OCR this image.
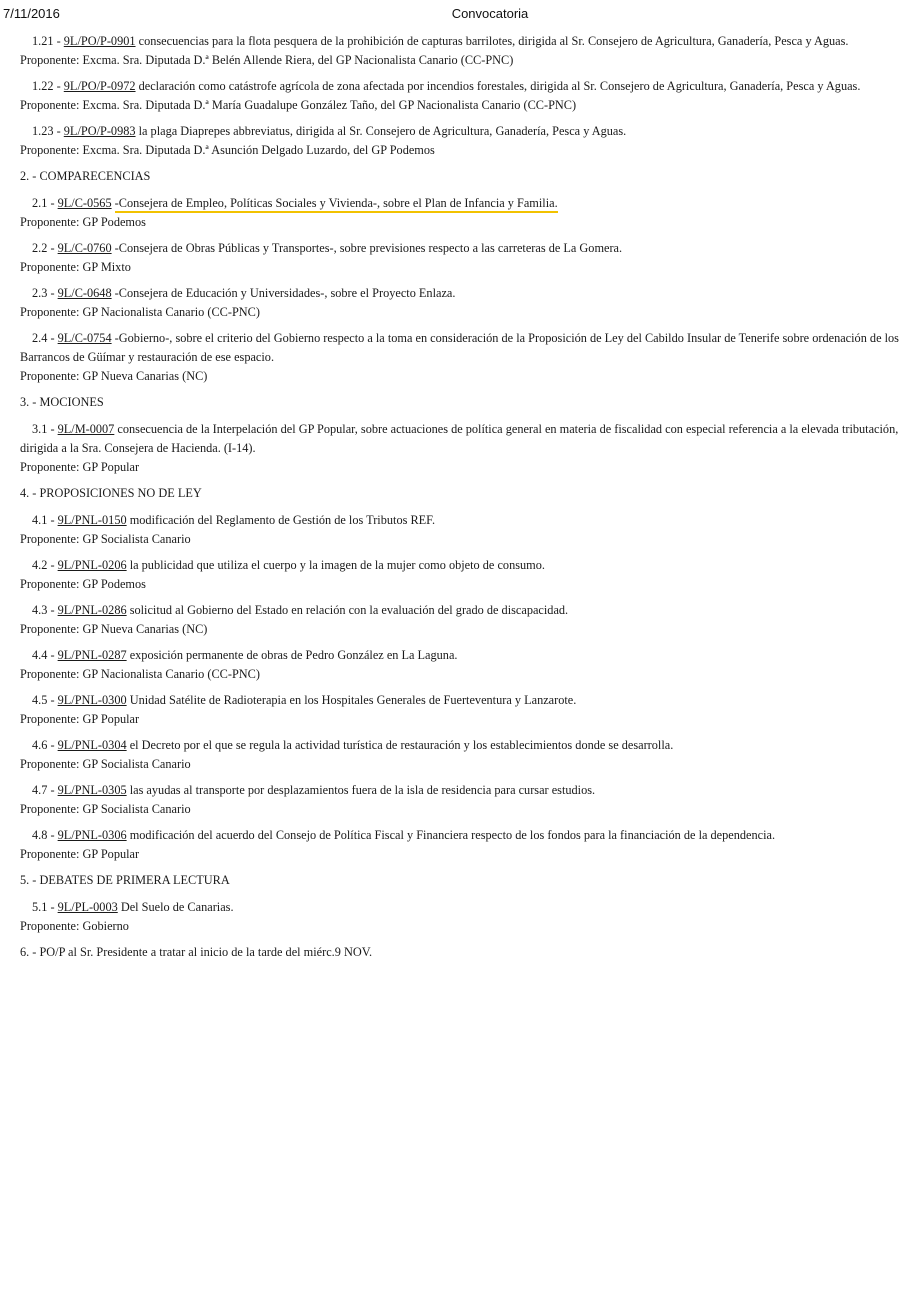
7/11/2016	Convocatoria
1.21 - 9L/PO/P-0901 consecuencias para la flota pesquera de la prohibición de capturas barrilotes, dirigida al Sr. Consejero de Agricultura, Ganadería, Pesca y Aguas.
Proponente: Excma. Sra. Diputada D.ª Belén Allende Riera, del GP Nacionalista Canario (CC-PNC)
1.22 - 9L/PO/P-0972 declaración como catástrofe agrícola de zona afectada por incendios forestales, dirigida al Sr. Consejero de Agricultura, Ganadería, Pesca y Aguas.
Proponente: Excma. Sra. Diputada D.ª María Guadalupe González Taño, del GP Nacionalista Canario (CC-PNC)
1.23 - 9L/PO/P-0983 la plaga Diaprepes abbreviatus, dirigida al Sr. Consejero de Agricultura, Ganadería, Pesca y Aguas.
Proponente: Excma. Sra. Diputada D.ª Asunción Delgado Luzardo, del GP Podemos
2. - COMPARECENCIAS
2.1 - 9L/C-0565 -Consejera de Empleo, Políticas Sociales y Vivienda-, sobre el Plan de Infancia y Familia.
Proponente: GP Podemos
2.2 - 9L/C-0760 -Consejera de Obras Públicas y Transportes-, sobre previsiones respecto a las carreteras de La Gomera.
Proponente: GP Mixto
2.3 - 9L/C-0648 -Consejera de Educación y Universidades-, sobre el Proyecto Enlaza.
Proponente: GP Nacionalista Canario (CC-PNC)
2.4 - 9L/C-0754 -Gobierno-, sobre el criterio del Gobierno respecto a la toma en consideración de la Proposición de Ley del Cabildo Insular de Tenerife sobre ordenación de los Barrancos de Güímar y restauración de ese espacio.
Proponente: GP Nueva Canarias (NC)
3. - MOCIONES
3.1 - 9L/M-0007 consecuencia de la Interpelación del GP Popular, sobre actuaciones de política general en materia de fiscalidad con especial referencia a la elevada tributación, dirigida a la Sra. Consejera de Hacienda. (I-14).
Proponente: GP Popular
4. - PROPOSICIONES NO DE LEY
4.1 - 9L/PNL-0150 modificación del Reglamento de Gestión de los Tributos REF.
Proponente: GP Socialista Canario
4.2 - 9L/PNL-0206 la publicidad que utiliza el cuerpo y la imagen de la mujer como objeto de consumo.
Proponente: GP Podemos
4.3 - 9L/PNL-0286 solicitud al Gobierno del Estado en relación con la evaluación del grado de discapacidad.
Proponente: GP Nueva Canarias (NC)
4.4 - 9L/PNL-0287 exposición permanente de obras de Pedro González en La Laguna.
Proponente: GP Nacionalista Canario (CC-PNC)
4.5 - 9L/PNL-0300 Unidad Satélite de Radioterapia en los Hospitales Generales de Fuerteventura y Lanzarote.
Proponente: GP Popular
4.6 - 9L/PNL-0304 el Decreto por el que se regula la actividad turística de restauración y los establecimientos donde se desarrolla.
Proponente: GP Socialista Canario
4.7 - 9L/PNL-0305 las ayudas al transporte por desplazamientos fuera de la isla de residencia para cursar estudios.
Proponente: GP Socialista Canario
4.8 - 9L/PNL-0306 modificación del acuerdo del Consejo de Política Fiscal y Financiera respecto de los fondos para la financiación de la dependencia.
Proponente: GP Popular
5. - DEBATES DE PRIMERA LECTURA
5.1 - 9L/PL-0003 Del Suelo de Canarias.
Proponente: Gobierno
6. - PO/P al Sr. Presidente a tratar al inicio de la tarde del miérc.9 NOV.
